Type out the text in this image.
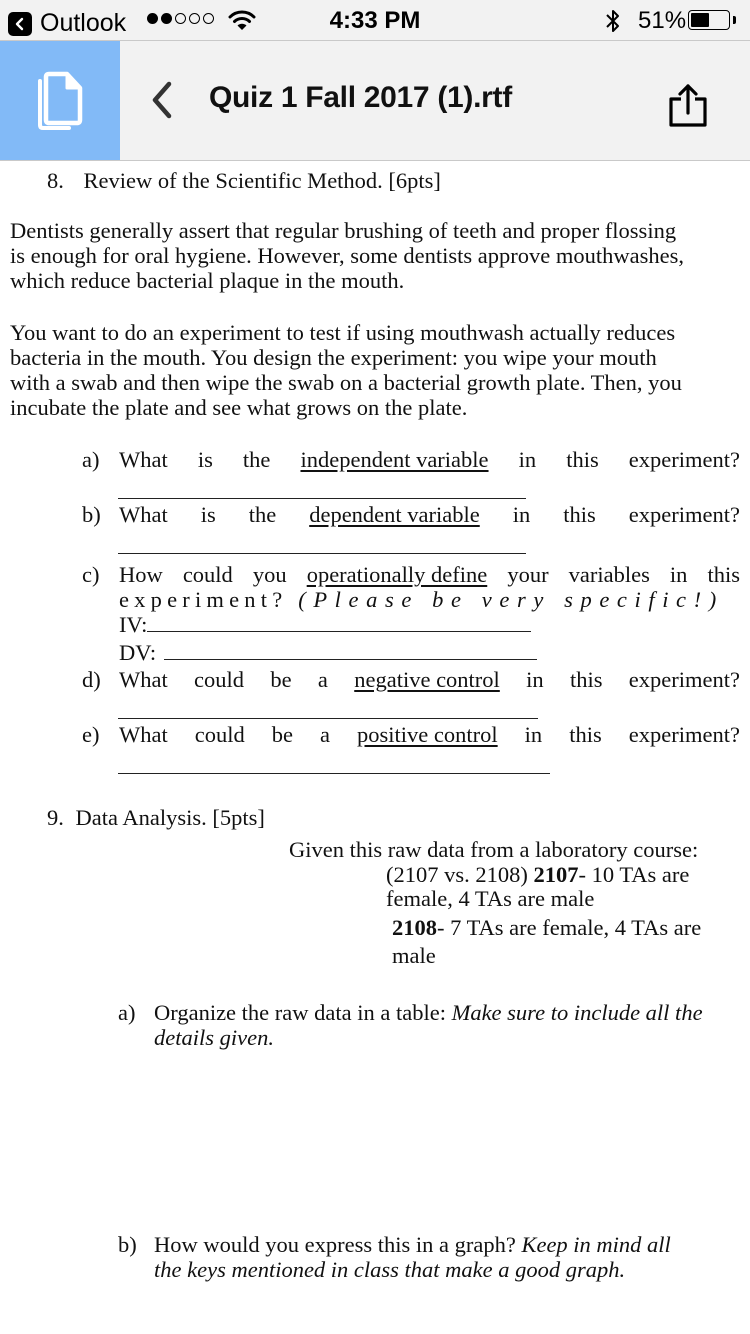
Outlook	4:33 PM	51%
Quiz 1 Fall 2017 (1).rtf
8. Review of the Scientific Method. [6pts]
Dentists generally assert that regular brushing of teeth and proper flossing
is enough for oral hygiene. However, some dentists approve mouthwashes,
which reduce bacterial plaque in the mouth.
You want to do an experiment to test if using mouthwash actually reduces
bacteria in the mouth. You design the experiment: you wipe your mouth
with a swab and then wipe the swab on a bacterial growth plate. Then, you
incubate the plate and see what grows on the plate.
a) What is the independent variable in this experiment?
b) What is the dependent variable in this experiment?
c) How could you operationally define your variables in this
experiment? (Please be very specific!)
IV:
DV:
d) What could be a negative control in this experiment?
e) What could be a positive control in this experiment?
9. Data Analysis. [5pts]
Given this raw data from a laboratory course:
(2107 vs. 2108) 2107- 10 TAs are
female, 4 TAs are male
2108- 7 TAs are female, 4 TAs are
male
a) Organize the raw data in a table: Make sure to include all the
details given.
b) How would you express this in a graph? Keep in mind all
the keys mentioned in class that make a good graph.
